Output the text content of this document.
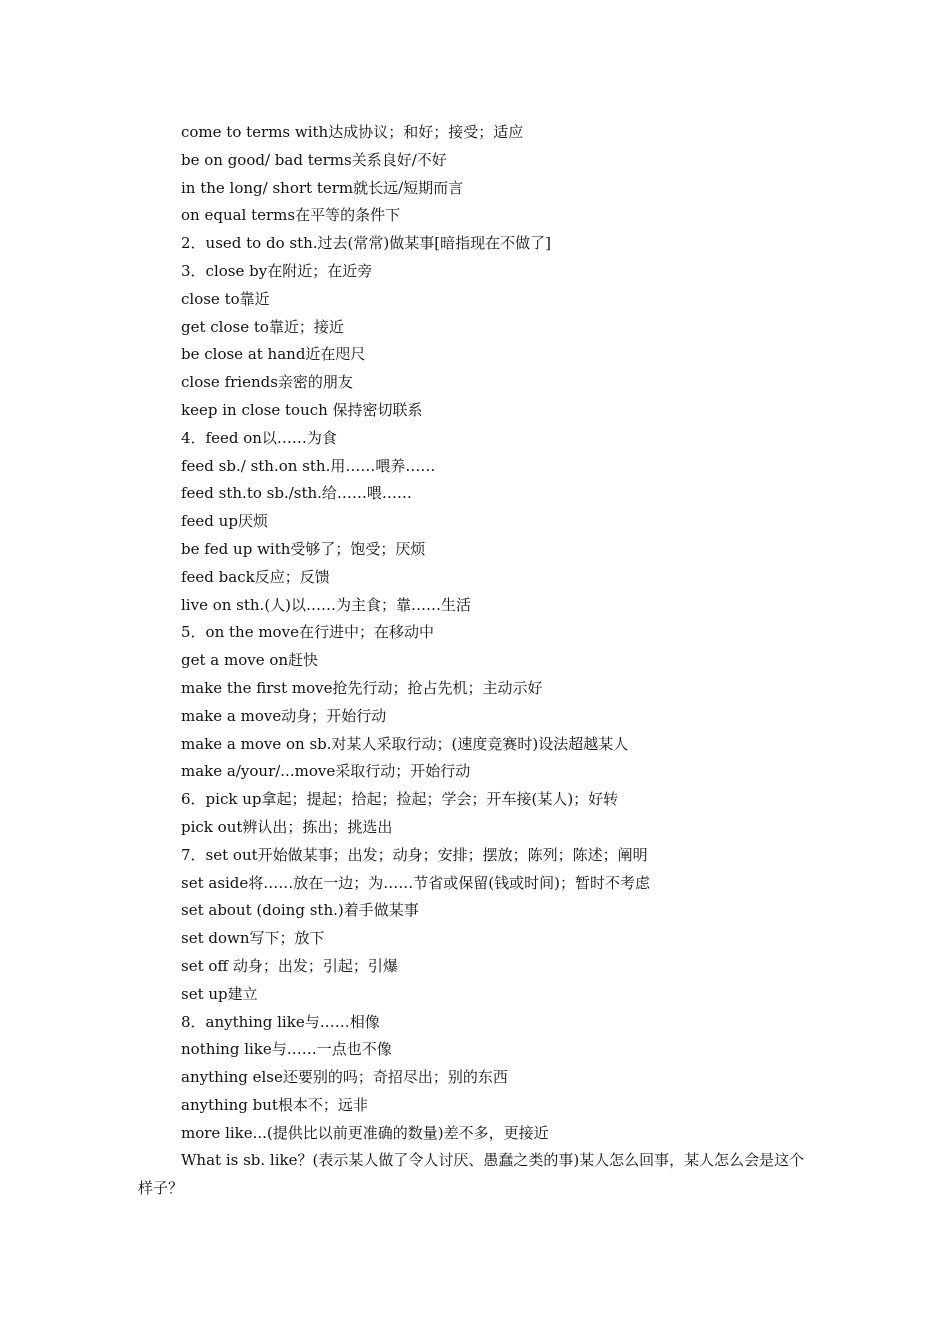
come to terms with达成协议；和好；接受；适应
be on good/ bad terms关系良好/不好
in the long/ short term就长远/短期而言
on equal terms在平等的条件下
2．used to do sth.过去(常常)做某事[暗指现在不做了]
3．close by在附近；在近旁
close to靠近
get close to靠近；接近
be close at hand近在咫尺
close friends亲密的朋友
keep in close touch 保持密切联系
4．feed on以……为食
feed sb./ sth.on sth.用……喂养……
feed sth.to sb./sth.给……喂……
feed up厌烦
be fed up with受够了；饱受；厌烦
feed back反应；反馈
live on sth.(人)以……为主食；靠……生活
5．on the move在行进中；在移动中
get a move on赶快
make the first move抢先行动；抢占先机；主动示好
make a move动身；开始行动
make a move on sb.对某人采取行动；(速度竞赛时)设法超越某人
make a/your/...move采取行动；开始行动
6．pick up拿起；提起；拾起；捡起；学会；开车接(某人)；好转
pick out辨认出；拣出；挑选出
7．set out开始做某事；出发；动身；安排；摆放；陈列；陈述；阐明
set aside将……放在一边；为……节省或保留(钱或时间)；暂时不考虑
set about (doing sth.)着手做某事
set down写下；放下
set off 动身；出发；引起；引爆
set up建立
8．anything like与……相像
nothing like与……一点也不像
anything else还要别的吗；奇招尽出；别的东西
anything but根本不；远非
more like...(提供比以前更准确的数量)差不多，更接近
What is sb. like？(表示某人做了令人讨厌、愚蠢之类的事)某人怎么回事，某人怎么会是这个样子？
